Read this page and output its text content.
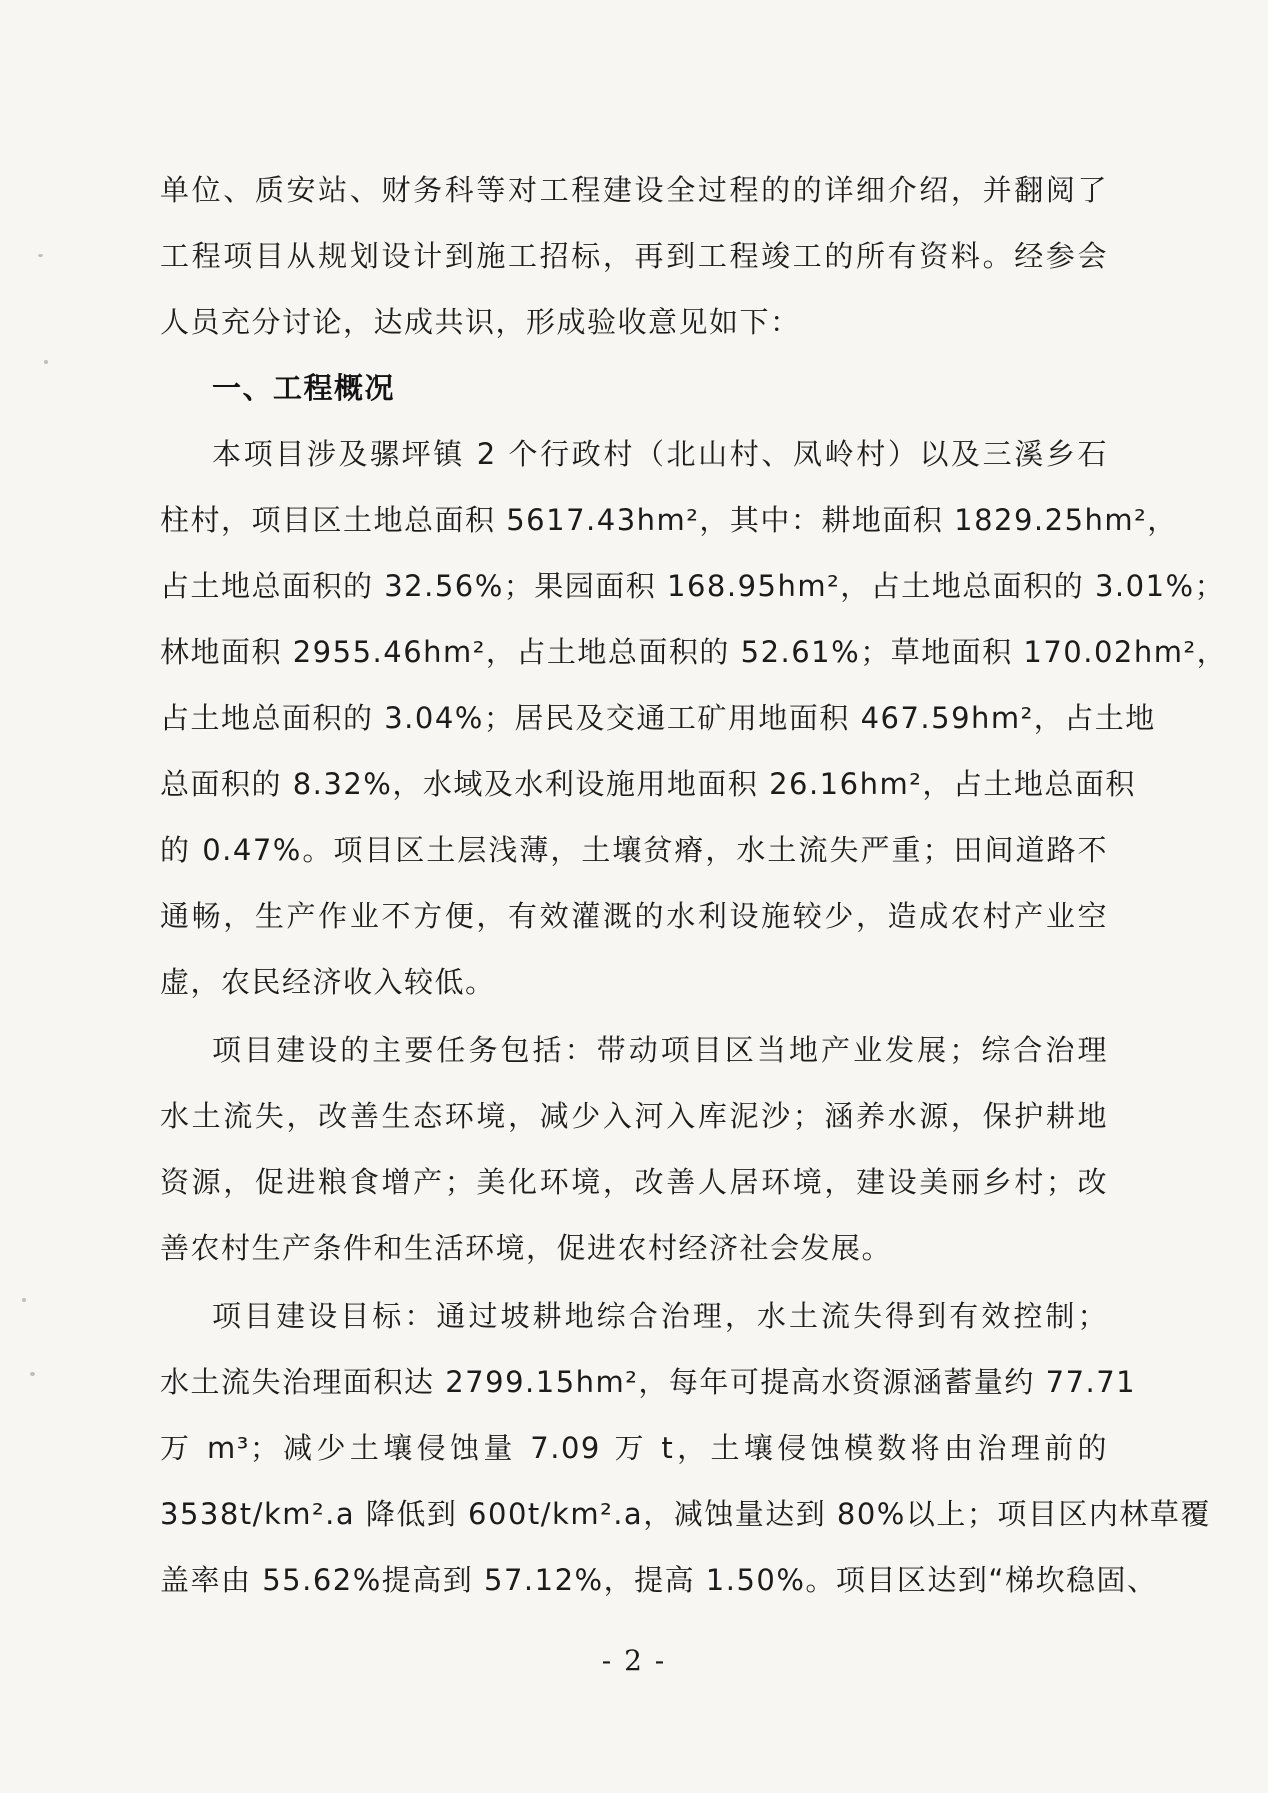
单位、质安站、财务科等对工程建设全过程的的详细介绍，并翻阅了
工程项目从规划设计到施工招标，再到工程竣工的所有资料。经参会
人员充分讨论，达成共识，形成验收意见如下：
一、工程概况
本项目涉及骡坪镇 2 个行政村（北山村、凤岭村）以及三溪乡石
柱村，项目区土地总面积 5617.43hm²，其中：耕地面积 1829.25hm²，
占土地总面积的 32.56%；果园面积 168.95hm²，占土地总面积的 3.01%；
林地面积 2955.46hm²，占土地总面积的 52.61%；草地面积 170.02hm²，
占土地总面积的 3.04%；居民及交通工矿用地面积 467.59hm²，占土地
总面积的 8.32%，水域及水利设施用地面积 26.16hm²，占土地总面积
的 0.47%。项目区土层浅薄，土壤贫瘠，水土流失严重；田间道路不
通畅，生产作业不方便，有效灌溉的水利设施较少，造成农村产业空
虚，农民经济收入较低。
项目建设的主要任务包括：带动项目区当地产业发展；综合治理
水土流失，改善生态环境，减少入河入库泥沙；涵养水源，保护耕地
资源，促进粮食增产；美化环境，改善人居环境，建设美丽乡村；改
善农村生产条件和生活环境，促进农村经济社会发展。
项目建设目标：通过坡耕地综合治理，水土流失得到有效控制；
水土流失治理面积达 2799.15hm²，每年可提高水资源涵蓄量约 77.71
万 m³；减少土壤侵蚀量 7.09 万 t，土壤侵蚀模数将由治理前的
3538t/km².a 降低到 600t/km².a，减蚀量达到 80%以上；项目区内林草覆
盖率由 55.62%提高到 57.12%，提高 1.50%。项目区达到“梯坎稳固、
- 2 -
